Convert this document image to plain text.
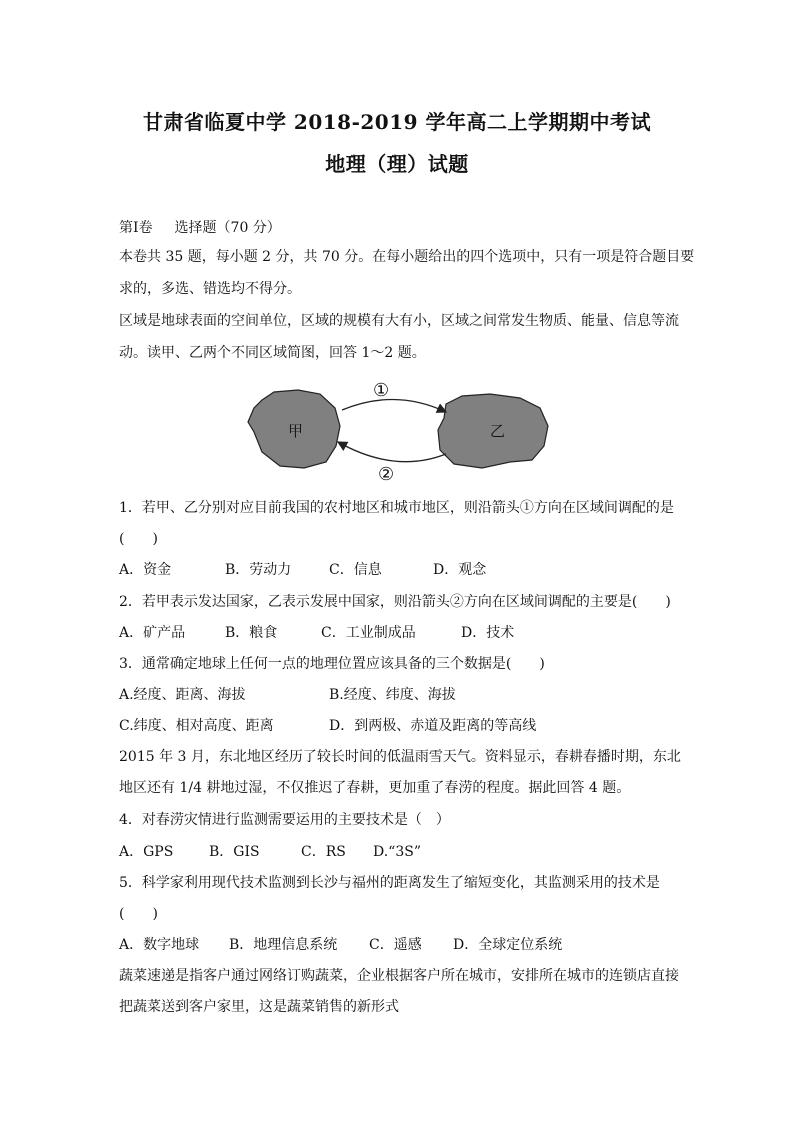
甘肃省临夏中学 2018-2019 学年高二上学期期中考试
地理（理）试题
第Ⅰ卷 选择题（70 分）
本卷共 35 题，每小题 2 分，共 70 分。在每小题给出的四个选项中，只有一项是符合题目要
求的，多选、错选均不得分。
区域是地球表面的空间单位，区域的规模有大有小，区域之间常发生物质、能量、信息等流
动。读甲、乙两个不同区域简图，回答 1～2 题。
甲	乙
①
②
1．若甲、乙分别对应目前我国的农村地区和城市地区，则沿箭头①方向在区域间调配的是
(　　)
A．资金	B．劳动力	C．信息	D．观念
2．若甲表示发达国家，乙表示发展中国家，则沿箭头②方向在区域间调配的主要是(　　)
A．矿产品	B．粮食	C．工业制成品	D．技术
3．通常确定地球上任何一点的地理位置应该具备的三个数据是(　　)
A.经度、距离、海拔	B.经度、纬度、海拔
C.纬度、相对高度、距离	D．到两极、赤道及距离的等高线
2015 年 3 月，东北地区经历了较长时间的低温雨雪天气。资料显示，春耕春播时期，东北
地区还有 1/4 耕地过湿，不仅推迟了春耕，更加重了春涝的程度。据此回答 4 题。
4．对春涝灾情进行监测需要运用的主要技术是（　）
A．GPS	B．GIS	C．RS	D.“3S”
5．科学家利用现代技术监测到长沙与福州的距离发生了缩短变化，其监测采用的技术是
(　　)
A．数字地球	B．地理信息系统	C．遥感	D．全球定位系统
蔬菜速递是指客户通过网络订购蔬菜，企业根据客户所在城市，安排所在城市的连锁店直接
把蔬菜送到客户家里，这是蔬菜销售的新形式
